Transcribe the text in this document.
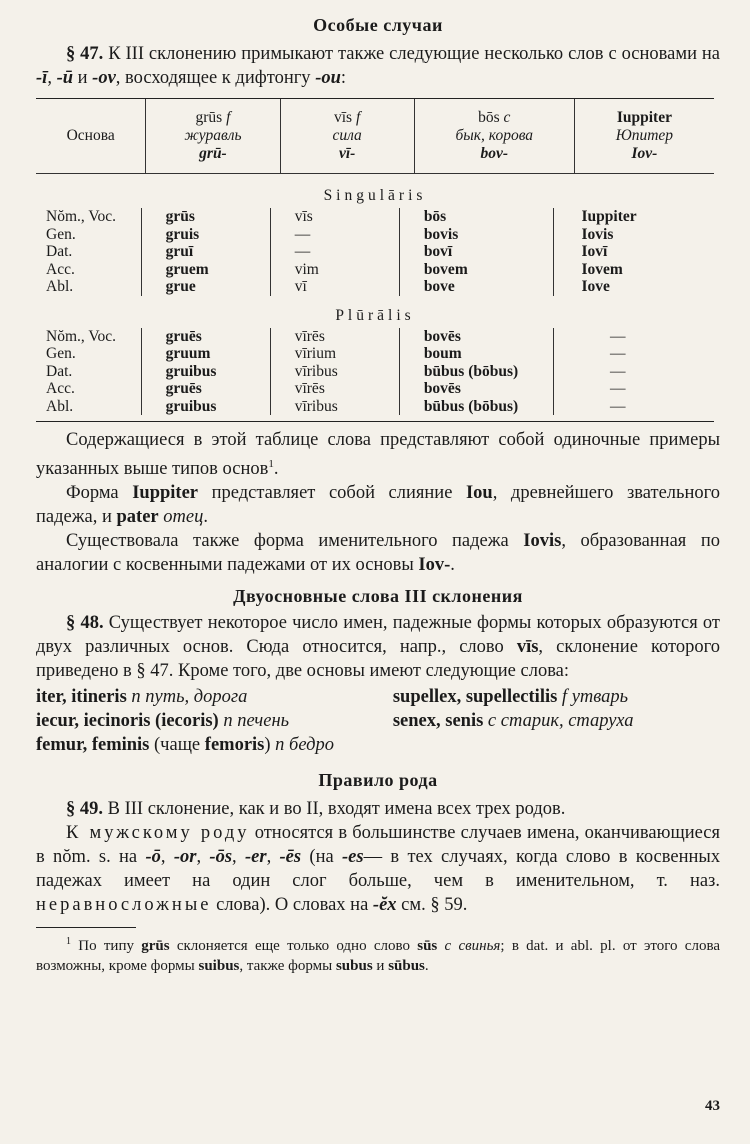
Особые случаи

§ 47. К III склонению примыкают также следующие несколько слов с основами на -ī, -ū и -ov, восходящее к дифтонгу -ou:

Основа
grūs f
журавль
grū-
vīs f
сила
vī-
bōs c
бык, корова
bov-
Iuppiter
Юпитер
Iov-
Singulāris
Nŏm., Voc.
Gen.
Dat.
Acc.
Abl.
grūs
gruis
gruī
gruem
grue
vīs
—
—
vim
vī
bōs
bovis
bovī
bovem
bove
Iuppiter
Iovis
Iovī
Iovem
Iove
Plūrālis
Nŏm., Voc.
Gen.
Dat.
Acc.
Abl.
gruēs
gruum
gruibus
gruēs
gruibus
vīrēs
vīrium
vīribus
vīrēs
vīribus
bovēs
boum
būbus (bōbus)
bovēs
būbus (bōbus)
—
—
—
—
—

Содержащиеся в этой таблице слова представляют собой одиночные примеры указанных выше типов основ$^1$.

Форма Iuppiter представляет собой слияние Iou, древнейшего звательного падежа, и pater отец.

Существовала также форма именительного падежа Iovis, образованная по аналогии с косвенными падежами от их основы Iov-.

Двуосновные слова III склонения

§ 48. Существует некоторое число имен, падежные формы которых образуются от двух различных основ. Сюда относится, напр., слово vīs, склонение которого приведено в § 47. Кроме того, две основы имеют следующие слова:

iter, itineris n путь, дорога
iecur, iecinoris (iecoris) n печень
femur, feminis (чаще femoris) n бедро
supellex, supellectilis f утварь
senex, senis c старик, старуха
Правило рода

§ 49. В III склонение, как и во II, входят имена всех трех родов.

К мужскому роду относятся в большинстве случаев имена, оканчивающиеся в nŏm. s. на -ō, -or, -ōs, -er, -ēs (на -es— в тех случаях, когда слово в косвенных падежах имеет на один слог больше, чем в именительном, т. наз. неравносложные слова). О словах на -ĕx см. § 59.

$^1$ По типу grūs склоняется еще только одно слово sūs с свинья; в dat. и abl. pl. от этого слова возможны, кроме формы suibus, также формы subus и sūbus.

43
